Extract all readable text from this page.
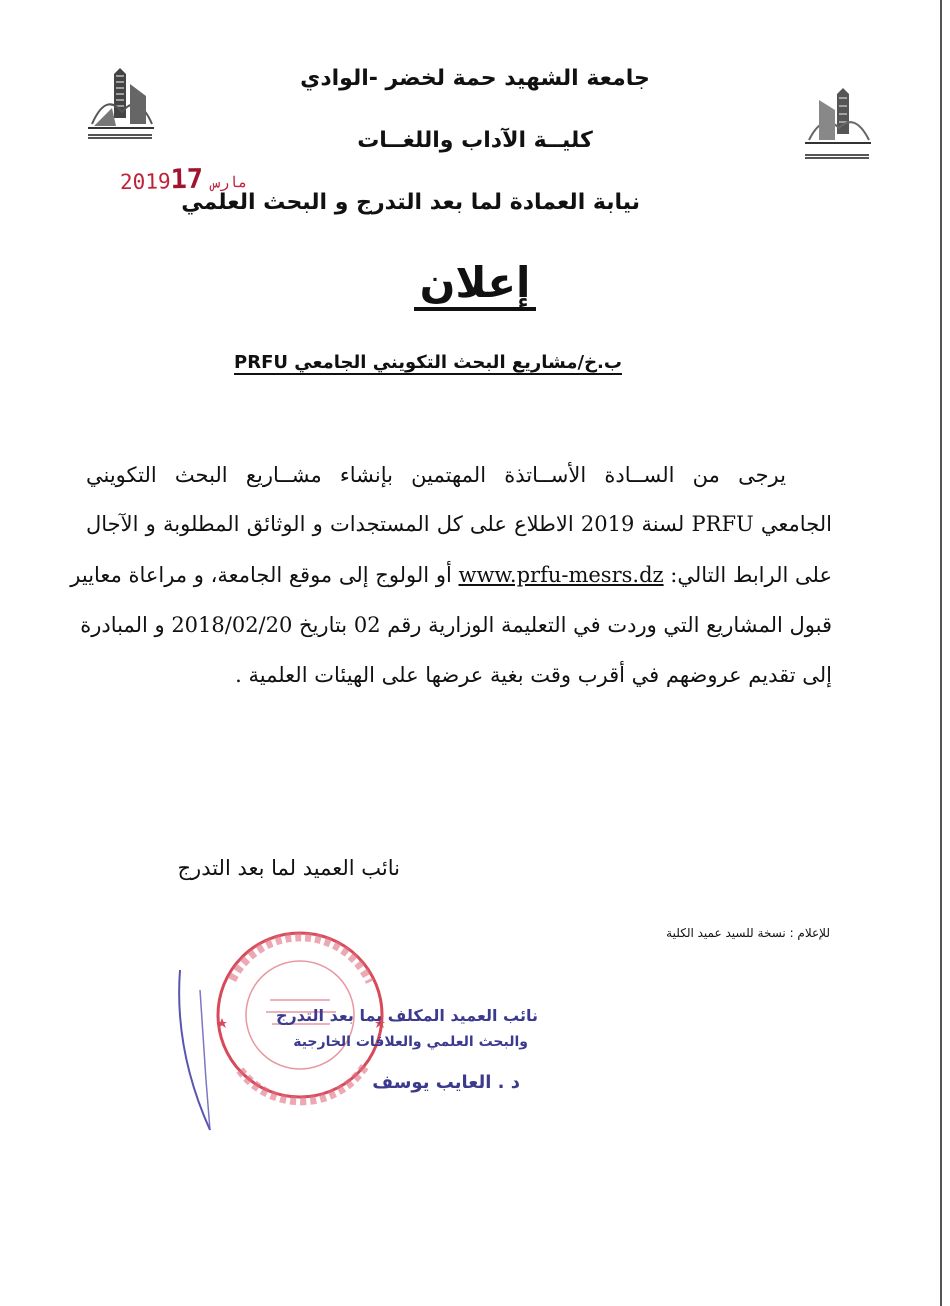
جامعة الشهيد حمة لخضر -الوادي
كليــة الآداب واللغــات
نيابة العمادة لما بعد التدرج و البحث العلمي
2019	مارس17
إعلان
ب.خ/مشاريع البحث التكويني الجامعي PRFU
يرجى من الســادة الأســاتذة المهتمين بإنشاء مشــاريع البحث التكويني
الجامعي PRFU لسنة 2019 الاطلاع على كل المستجدات و الوثائق المطلوبة و الآجال
على الرابط التالي: www.prfu-mesrs.dz أو الولوج إلى موقع الجامعة، و مراعاة معايير
قبول المشاريع التي وردت في التعليمة الوزارية رقم 02 بتاريخ 2018/02/20 و المبادرة
إلى تقديم عروضهم في أقرب وقت بغية عرضها على الهيئات العلمية .
نائب العميد لما بعد التدرج
للإعلام : نسخة للسيد عميد الكلية
نائب العميد المكلف بما بعد التدرج
والبحث العلمي والعلاقات الخارجية
د . العايب يوسف
